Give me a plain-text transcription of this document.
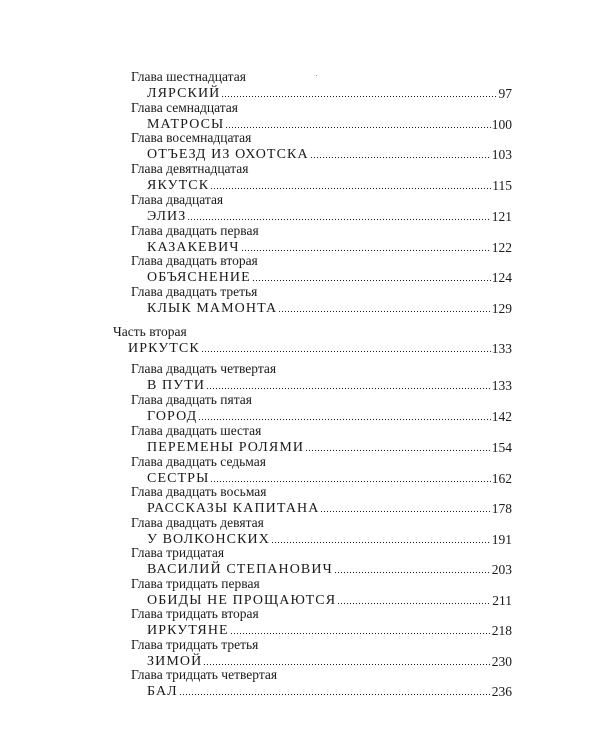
Глава шестнадцатая
ЛЯРСКИЙ	97
Глава семнадцатая
МАТРОСЫ	100
Глава восемнадцатая
ОТЪЕЗД ИЗ ОХОТСКА	103
Глава девятнадцатая
ЯКУТСК	115
Глава двадцатая
ЭЛИЗ	121
Глава двадцать первая
КАЗАКЕВИЧ	122
Глава двадцать вторая
ОБЪЯСНЕНИЕ	124
Глава двадцать третья
КЛЫК МАМОНТА	129
Часть вторая
ИРКУТСК	133
Глава двадцать четвертая
В ПУТИ	133
Глава двадцать пятая
ГОРОД	142
Глава двадцать шестая
ПЕРЕМЕНЫ РОЛЯМИ	154
Глава двадцать седьмая
СЕСТРЫ	162
Глава двадцать восьмая
РАССКАЗЫ КАПИТАНА	178
Глава двадцать девятая
У ВОЛКОНСКИХ	191
Глава тридцатая
ВАСИЛИЙ СТЕПАНОВИЧ	203
Глава тридцать первая
ОБИДЫ НЕ ПРОЩАЮТСЯ	211
Глава тридцать вторая
ИРКУТЯНЕ	218
Глава тридцать третья
ЗИМОЙ	230
Глава тридцать четвертая
БАЛ	236
